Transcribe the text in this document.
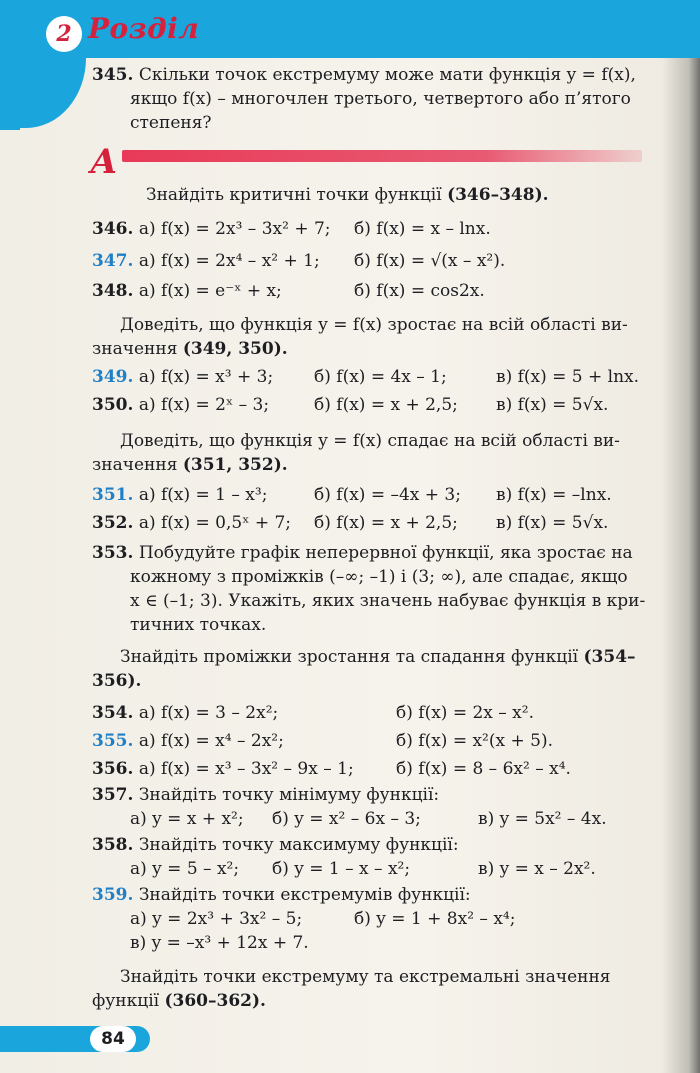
2 Розділ
А
345. Скільки точок екстремуму може мати функція y = f(x),
якщо f(x) – многочлен третього, четвертого або п’ятого
степеня?
Знайдіть критичні точки функції (346–348).
346. а) f(x) = 2x³ – 3x² + 7; б) f(x) = x – lnx.
347. а) f(x) = 2x⁴ – x² + 1; б) f(x) = √(x – x²).
348. а) f(x) = e⁻ˣ + x;	б) f(x) = cos2x.
Доведіть, що функція y = f(x) зростає на всій області ви-
значення (349, 350).
349. а) f(x) = x³ + 3; б) f(x) = 4x – 1;	в) f(x) = 5 + lnx.
350. а) f(x) = 2ˣ – 3;	б) f(x) = x + 2,5; в) f(x) = 5√x.
Доведіть, що функція y = f(x) спадає на всій області ви-
значення (351, 352).
351. а) f(x) = 1 – x³;	б) f(x) = –4x + 3; в) f(x) = –lnx.
352. а) f(x) = 0,5ˣ + 7; б) f(x) = x + 2,5; в) f(x) = 5√x.
353. Побудуйте графік неперервної функції, яка зростає на
кожному з проміжків (–∞; –1) і (3; ∞), але спадає, якщо
x ∈ (–1; 3). Укажіть, яких значень набуває функція в кри-
тичних точках.
Знайдіть проміжки зростання та спадання функції (354–
356).
354. а) f(x) = 3 – 2x²;	б) f(x) = 2x – x².
355. а) f(x) = x⁴ – 2x²;	б) f(x) = x²(x + 5).
356. а) f(x) = x³ – 3x² – 9x – 1; б) f(x) = 8 – 6x² – x⁴.
357. Знайдіть точку мінімуму функції:
а) y = x + x²; б) y = x² – 6x – 3;	в) y = 5x² – 4x.
358. Знайдіть точку максимуму функції:
а) y = 5 – x²; б) y = 1 – x – x²;	в) y = x – 2x².
359. Знайдіть точки екстремумів функції:
а) y = 2x³ + 3x² – 5;	б) y = 1 + 8x² – x⁴;
в) y = –x³ + 12x + 7.
Знайдіть точки екстремуму та екстремальні значення
функції (360–362).
84
